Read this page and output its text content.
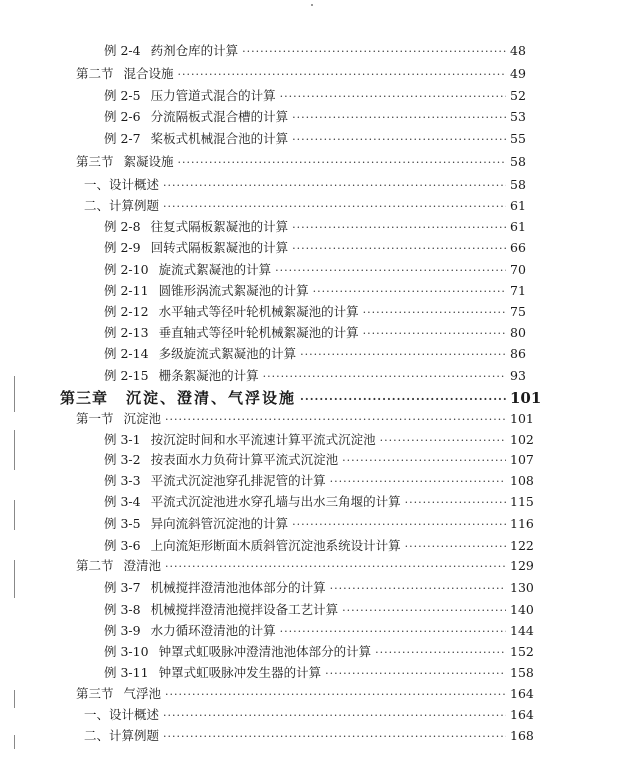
例 2-4 药剂仓库的计算 ·····	48
第二节 混合设施 ·····	49
例 2-5 压力管道式混合的计算 ·····	52
例 2-6 分流隔板式混合槽的计算 ·····	53
例 2-7 桨板式机械混合池的计算 ·····	55
第三节 絮凝设施 ·····	58
一、设计概述 ·····	58
二、计算例题 ·····	61
例 2-8 往复式隔板絮凝池的计算 ·····	61
例 2-9 回转式隔板絮凝池的计算 ·····	66
例 2-10 旋流式絮凝池的计算 ·····	70
例 2-11 圆锥形涡流式絮凝池的计算 ·····	71
例 2-12 水平轴式等径叶轮机械絮凝池的计算 ·····	75
例 2-13 垂直轴式等径叶轮机械絮凝池的计算 ·····	80
例 2-14 多级旋流式絮凝池的计算 ·····	86
例 2-15 栅条絮凝池的计算 ·····	93
第三章 沉淀、澄清、气浮设施 ·····	101
第一节 沉淀池 ·····	101
例 3-1 按沉淀时间和水平流速计算平流式沉淀池 ·····	102
例 3-2 按表面水力负荷计算平流式沉淀池 ·····	107
例 3-3 平流式沉淀池穿孔排泥管的计算 ·····	108
例 3-4 平流式沉淀池进水穿孔墙与出水三角堰的计算 ·····	115
例 3-5 异向流斜管沉淀池的计算 ·····	116
例 3-6 上向流矩形断面木质斜管沉淀池系统设计计算 ·····	122
第二节 澄清池 ·····	129
例 3-7 机械搅拌澄清池池体部分的计算 ·····	130
例 3-8 机械搅拌澄清池搅拌设备工艺计算 ·····	140
例 3-9 水力循环澄清池的计算 ·····	144
例 3-10 钟罩式虹吸脉冲澄清池池体部分的计算 ·····	152
例 3-11 钟罩式虹吸脉冲发生器的计算 ·····	158
第三节 气浮池 ·····	164
一、设计概述 ·····	164
二、计算例题 ·····	168
